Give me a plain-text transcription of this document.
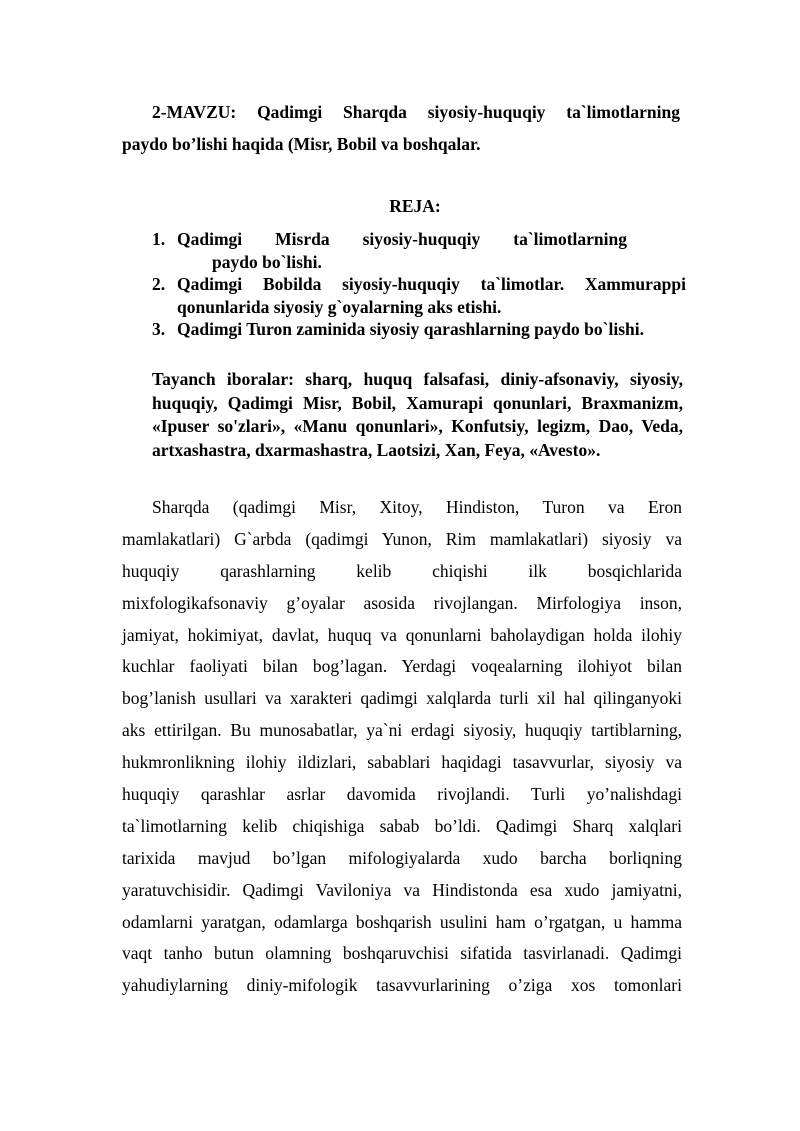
2-MAVZU: Qadimgi Sharqda siyosiy-huquqiy ta`limotlarning
paydo bo’lishi haqida (Misr, Bobil va boshqalar.
REJA:
1. Qadimgi Misrda siyosiy-huquqiy ta`limotlarning
paydo bo`lishi.
2. Qadimgi Bobilda siyosiy-huquqiy ta`limotlar. Xammurappi
qonunlarida siyosiy g`oyalarning aks etishi.
3. Qadimgi Turon zaminida siyosiy qarashlarning paydo bo`lishi.
Tayanch iboralar: sharq, huquq falsafasi, diniy-afsonaviy, siyosiy, huquqiy, Qadimgi Misr, Bobil, Xamurapi qonunlari, Braxmanizm, «Ipuser so'zlari», «Manu qonunlari», Konfutsiy, legizm, Dao, Veda, artxashastra, dxarmashastra, Laotsizi, Xan, Feya, «Avesto».
Sharqda (qadimgi Misr, Xitoy, Hindiston, Turon va Eron
mamlakatlari) G`arbda (qadimgi Yunon, Rim mamlakatlari) siyosiy va
huquqiy qarashlarning kelib chiqishi ilk bosqichlarida
mixfologikafsonaviy g’oyalar asosida rivojlangan. Mirfologiya inson,
jamiyat, hokimiyat, davlat, huquq va qonunlarni baholaydigan holda ilohiy
kuchlar faoliyati bilan bog’lagan. Yerdagi voqealarning ilohiyot bilan
bog’lanish usullari va xarakteri qadimgi xalqlarda turli xil hal qilinganyoki
aks ettirilgan. Bu munosabatlar, ya`ni erdagi siyosiy, huquqiy tartiblarning,
hukmronlikning ilohiy ildizlari, sabablari haqidagi tasavvurlar, siyosiy va
huquqiy qarashlar asrlar davomida rivojlandi. Turli yo’nalishdagi
ta`limotlarning kelib chiqishiga sabab bo’ldi. Qadimgi Sharq xalqlari
tarixida mavjud bo’lgan mifologiyalarda xudo barcha borliqning
yaratuvchisidir. Qadimgi Vaviloniya va Hindistonda esa xudo jamiyatni,
odamlarni yaratgan, odamlarga boshqarish usulini ham o’rgatgan, u hamma
vaqt tanho butun olamning boshqaruvchisi sifatida tasvirlanadi. Qadimgi
yahudiylarning diniy-mifologik tasavvurlarining o’ziga xos tomonlari
